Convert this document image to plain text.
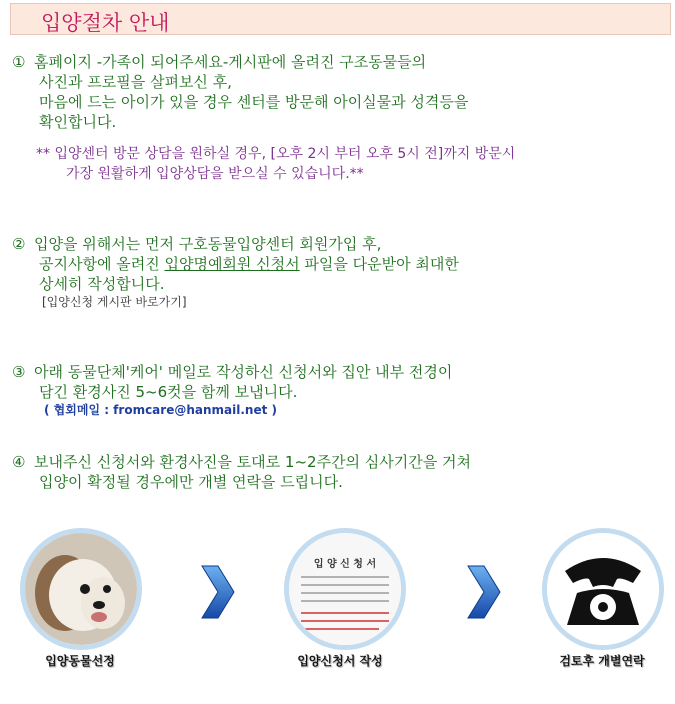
입양절차 안내
① 홈페이지 -가족이 되어주세요-게시판에 올려진 구조동물들의
사진과 프로필을 살펴보신 후,
마음에 드는 아이가 있을 경우 센터를 방문해 아이실물과 성격등을
확인합니다.
** 입양센터 방문 상담을 원하실 경우, [오후 2시 부터 오후 5시 전]까지 방문시
가장 원활하게 입양상담을 받으실 수 있습니다.**
② 입양을 위해서는 먼저 구호동물입양센터 회원가입 후,
공지사항에 올려진 입양명예회원 신청서 파일을 다운받아 최대한
상세히 작성합니다.
[입양신청 게시판 바로가기]
③ 아래 동물단체'케어' 메일로 작성하신 신청서와 집안 내부 전경이
담긴 환경사진 5~6컷을 함께 보냅니다.
( 협회메일 : fromcare@hanmail.net )
④ 보내주신 신청서와 환경사진을 토대로 1~2주간의 심사기간을 거쳐
입양이 확정될 경우에만 개별 연락을 드립니다.
입 양 신 청 서
입양동물선정	입양신청서 작성	검토후 개별연락
